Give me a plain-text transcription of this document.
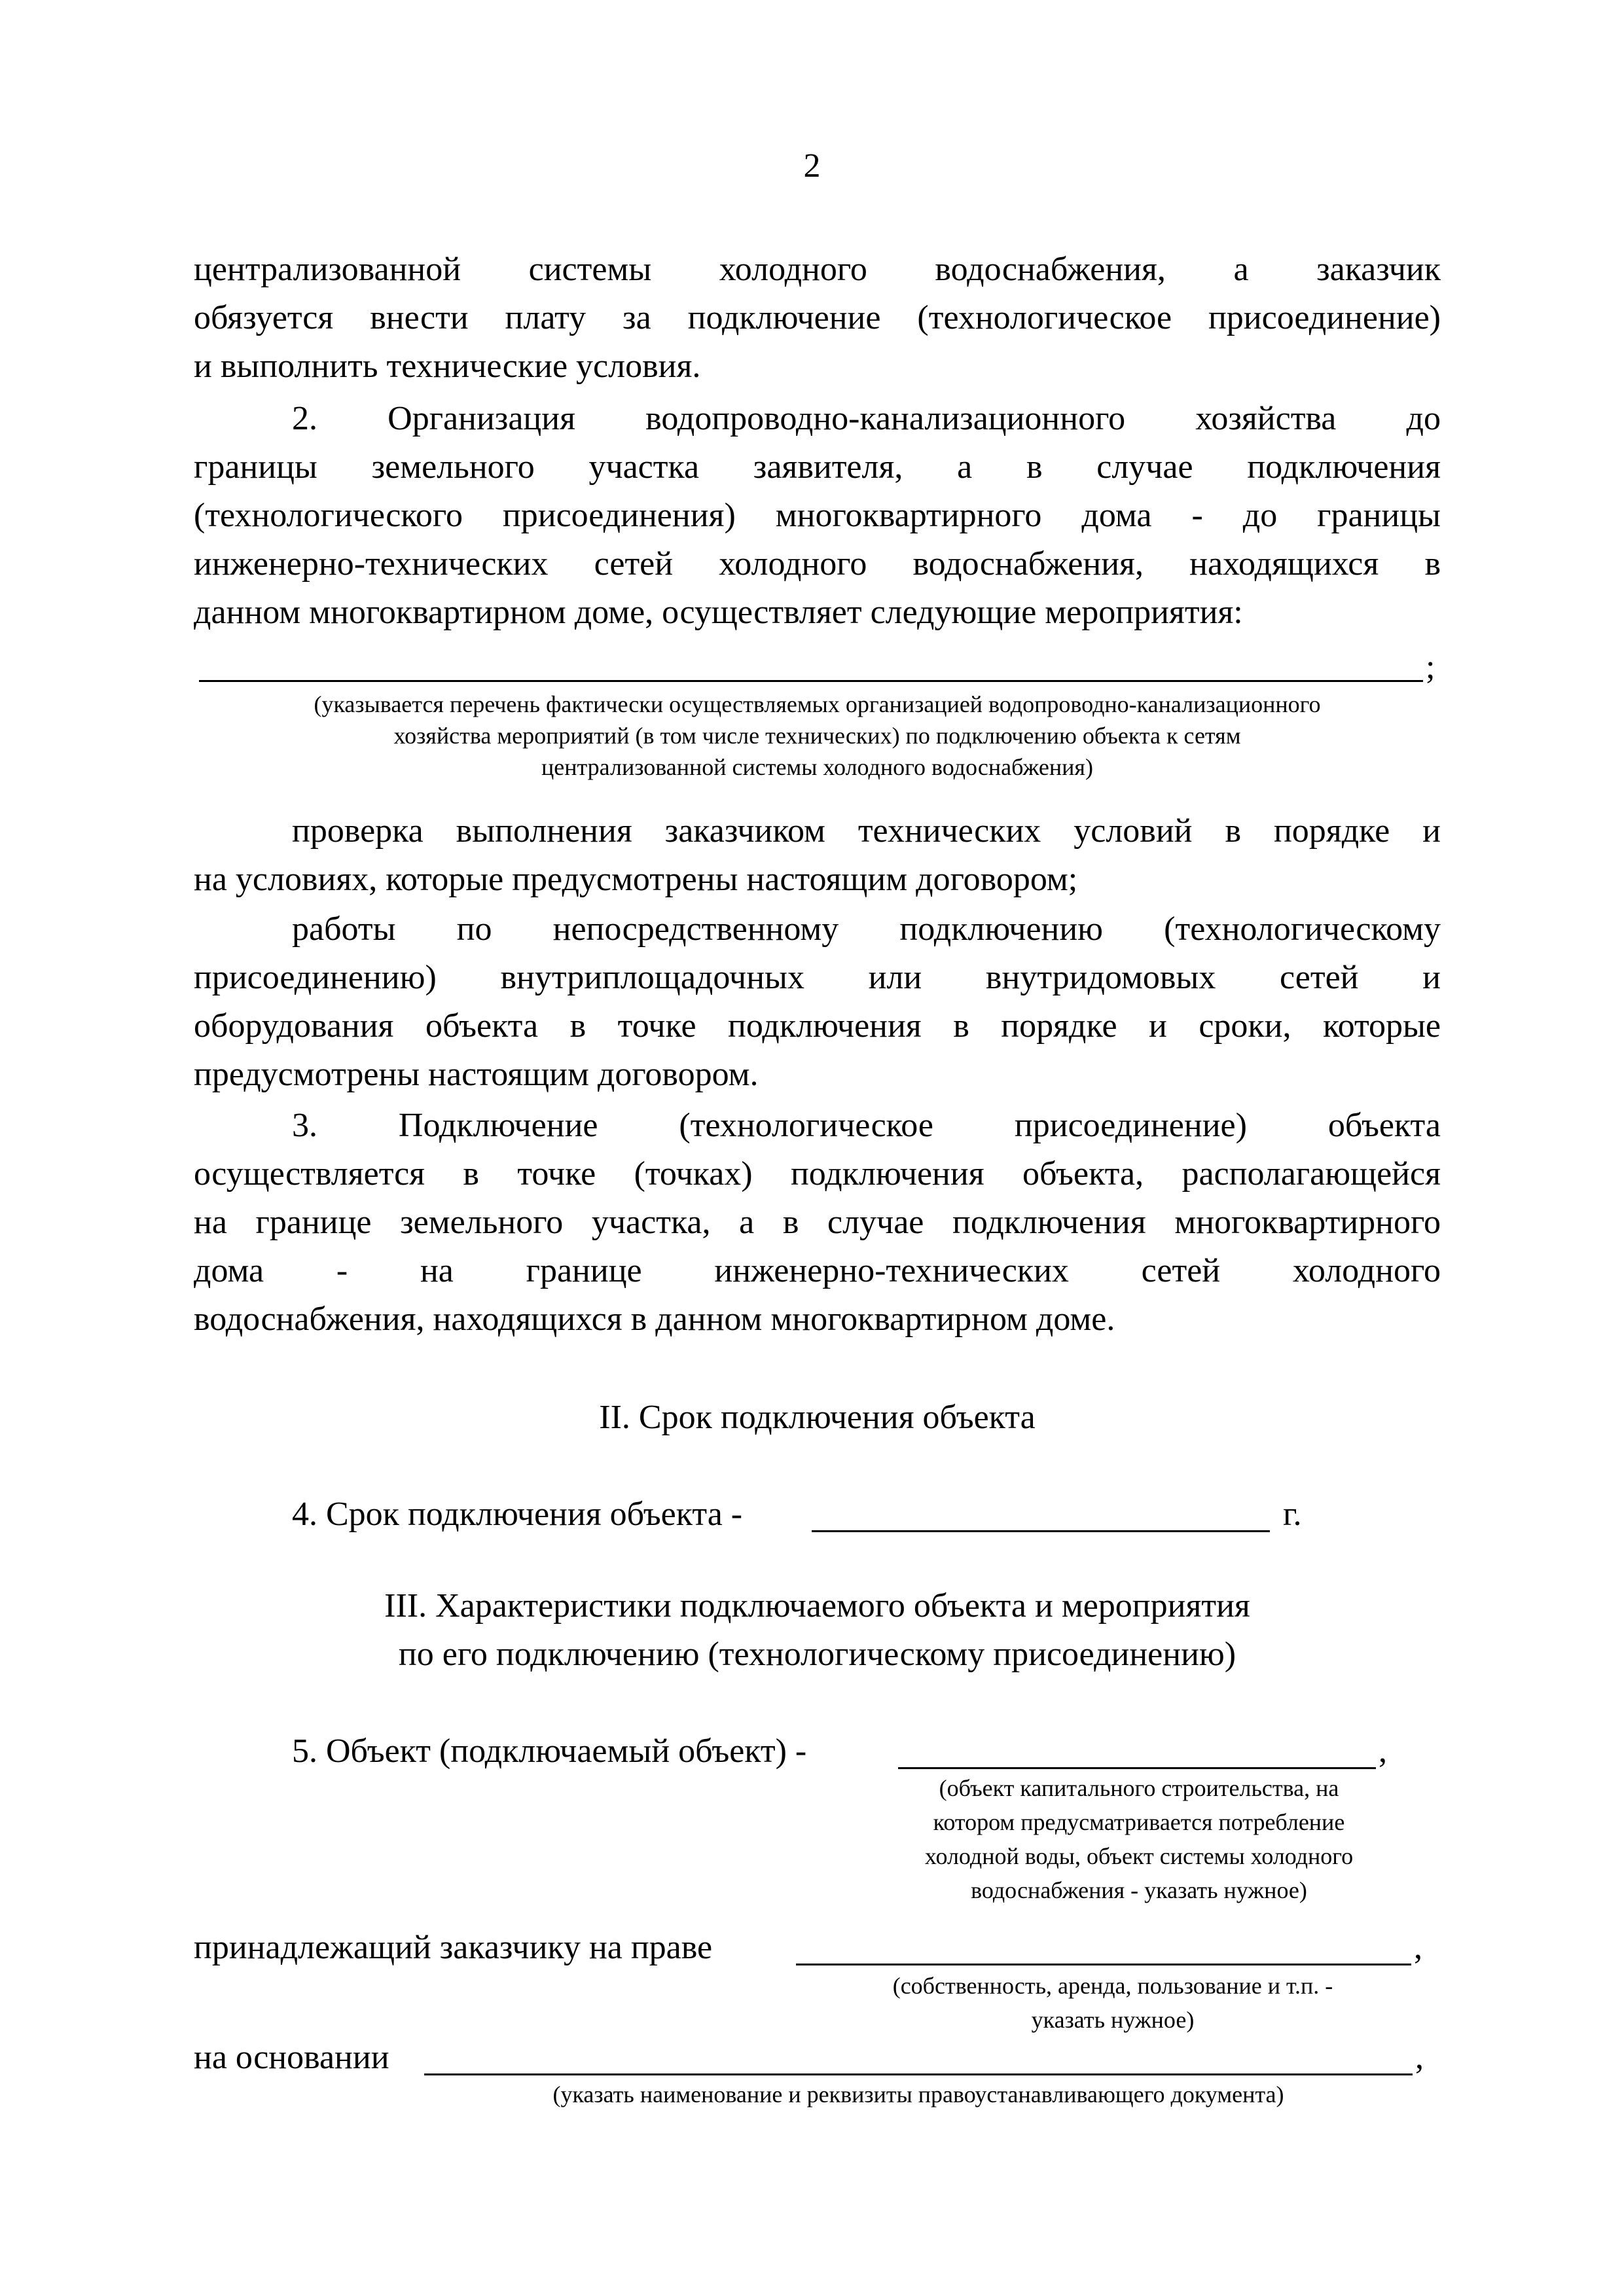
2
централизованной системы холодного водоснабжения, а заказчик
обязуется внести плату за подключение (технологическое присоединение)
и выполнить технические условия.
2. Организация водопроводно-канализационного хозяйства до
границы земельного участка заявителя, а в случае подключения
(технологического присоединения) многоквартирного дома - до границы
инженерно-технических сетей холодного водоснабжения, находящихся в
данном многоквартирном доме, осуществляет следующие мероприятия:
;
(указывается перечень фактически осуществляемых организацией водопроводно-канализационного
хозяйства мероприятий (в том числе технических) по подключению объекта к сетям
централизованной системы холодного водоснабжения)
проверка выполнения заказчиком технических условий в порядке и
на условиях, которые предусмотрены настоящим договором;
работы по непосредственному подключению (технологическому
присоединению) внутриплощадочных или внутридомовых сетей и
оборудования объекта в точке подключения в порядке и сроки, которые
предусмотрены настоящим договором.
3. Подключение (технологическое присоединение) объекта
осуществляется в точке (точках) подключения объекта, располагающейся
на границе земельного участка, а в случае подключения многоквартирного
дома - на границе инженерно-технических сетей холодного
водоснабжения, находящихся в данном многоквартирном доме.
II. Срок подключения объекта
4. Срок подключения объекта -	г.
III. Характеристики подключаемого объекта и мероприятия
по его подключению (технологическому присоединению)
5. Объект (подключаемый объект) -	,
(объект капитального строительства, на
котором предусматривается потребление
холодной воды, объект системы холодного
водоснабжения - указать нужное)
принадлежащий заказчику на праве	,
(собственность, аренда, пользование и т.п. -
указать нужное)
на основании	,
(указать наименование и реквизиты правоустанавливающего документа)
